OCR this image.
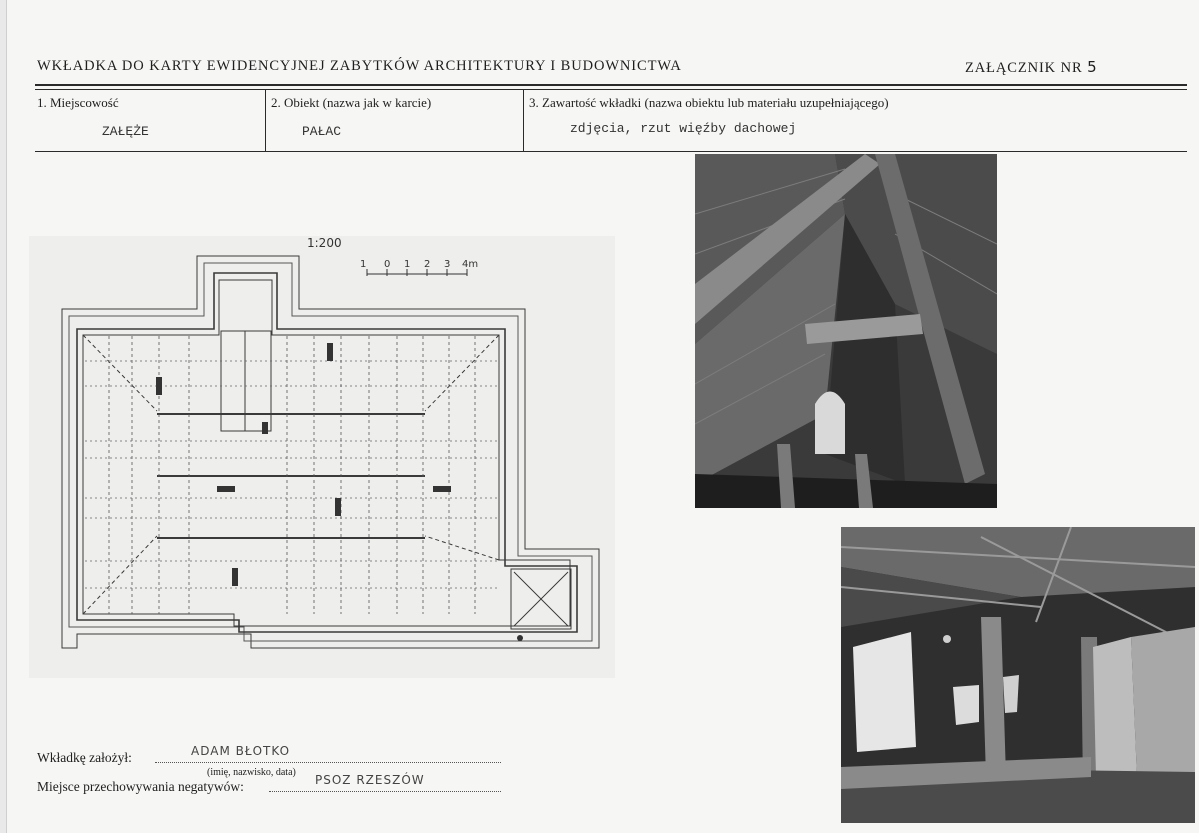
WKŁADKA DO KARTY EWIDENCYJNEJ ZABYTKÓW ARCHITEKTURY I BUDOWNICTWA	ZAŁĄCZNIK NR 5
1. Miejscowość
ZAŁĘŻE
2. Obiekt (nazwa jak w karcie)
PAŁAC
3. Zawartość wkładki (nazwa obiektu lub materiału uzupełniającego)
zdjęcia, rzut więźby dachowej
1:200
1 0 1 2 3 4m
Wkładkę założył:	ADAM BŁOTKO
(imię, nazwisko, data)
Miejsce przechowywania negatywów:	PSOZ RZESZÓW
